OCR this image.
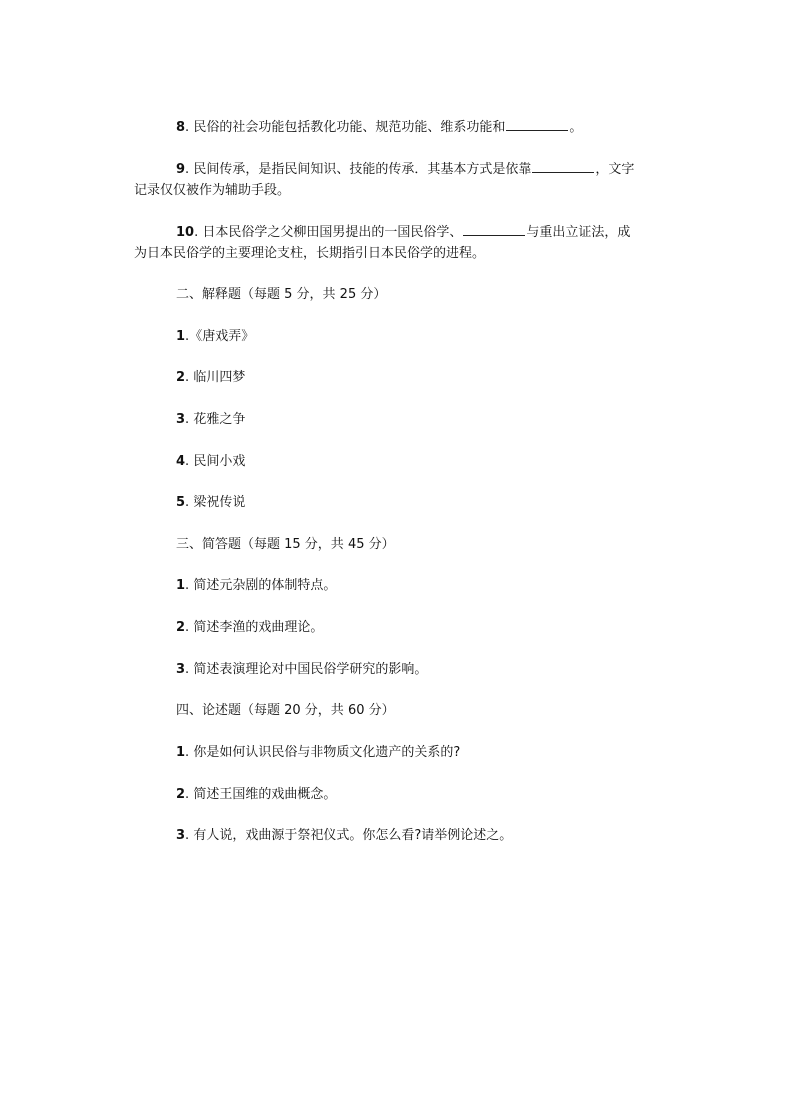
8. 民俗的社会功能包括教化功能、规范功能、维系功能和	。
9. 民间传承，是指民间知识、技能的传承．其基本方式是依靠	，文字
记录仅仅被作为辅助手段。
10. 日本民俗学之父柳田国男提出的一国民俗学、	与重出立证法，成
为日本民俗学的主要理论支柱，长期指引日本民俗学的进程。
二、解释题（每题 5 分，共 25 分）
1.《唐戏弄》
2. 临川四梦
3. 花雅之争
4. 民间小戏
5. 梁祝传说
三、简答题（每题 15 分，共 45 分）
1. 简述元杂剧的体制特点。
2. 简述李渔的戏曲理论。
3. 简述表演理论对中国民俗学研究的影响。
四、论述题（每题 20 分，共 60 分）
1. 你是如何认识民俗与非物质文化遗产的关系的?
2. 简述王国维的戏曲概念。
3. 有人说，戏曲源于祭祀仪式。你怎么看?请举例论述之。
